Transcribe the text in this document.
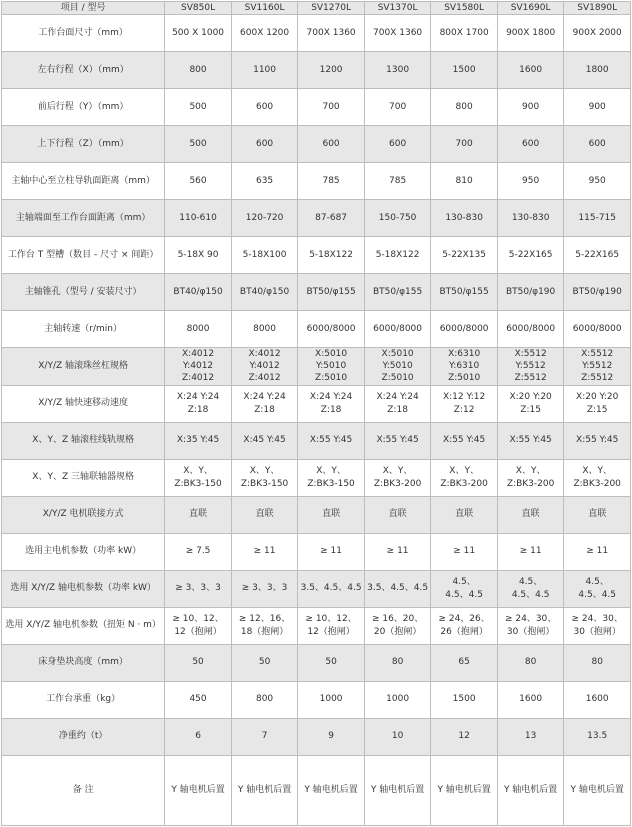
项目 / 型号	SV850L	SV1160L	SV1270L	SV1370L	SV1580L	SV1690L	SV1890L
工作台面尺寸（mm）	500 X 1000	600X 1200	700X 1360	700X 1360	800X 1700	900X 1800	900X 2000
左右行程（X）（mm）	800	1100	1200	1300	1500	1600	1800
前后行程（Y）（mm）	500	600	700	700	800	900	900
上下行程（Z）（mm）	500	600	600	600	700	600	600
主轴中心至立柱导轨面距离（mm）	560	635	785	785	810	950	950
主轴端面至工作台面距离（mm）	110-610	120-720	87-687	150-750	130-830	130-830	115-715
工作台 T 型槽（数目 - 尺寸 × 间距）	5-18X 90	5-18X100	5-18X122	5-18X122	5-22X135	5-22X165	5-22X165
主轴锥孔（型号 / 安装尺寸）	BT40/φ150	BT40/φ150	BT50/φ155	BT50/φ155	BT50/φ155	BT50/φ190	BT50/φ190
主轴转速（r/min）	8000	8000	6000/8000	6000/8000	6000/8000	6000/8000	6000/8000
X/Y/Z 轴滚珠丝杠规格	X:4012
Y:4012
Z:4012	X:4012
Y:4012
Z:4012	X:5010
Y:5010
Z:5010	X:5010
Y:5010
Z:5010	X:6310
Y:6310
Z:5010	X:5512
Y:5512
Z:5512	X:5512
Y:5512
Z:5512
X/Y/Z 轴快速移动速度	X:24 Y:24
Z:18	X:24 Y:24
Z:18	X:24 Y:24
Z:18	X:24 Y:24
Z:18	X:12 Y:12
Z:12	X:20 Y:20
Z:15	X:20 Y:20
Z:15
X、Y、Z 轴滚柱线轨规格	X:35 Y:45	X:45 Y:45	X:55 Y:45	X:55 Y:45	X:55 Y:45	X:55 Y:45	X:55 Y:45
X、Y、Z 三轴联轴器规格	X、Y、
Z:BK3-150	X、Y、
Z:BK3-150	X、Y、
Z:BK3-150	X、Y、
Z:BK3-200	X、Y、
Z:BK3-200	X、Y、
Z:BK3-200	X、Y、
Z:BK3-200
X/Y/Z 电机联接方式	直联	直联	直联	直联	直联	直联	直联
选用主电机参数（功率 kW）	≥ 7.5	≥ 11	≥ 11	≥ 11	≥ 11	≥ 11	≥ 11
选用 X/Y/Z 轴电机参数（功率 kW）	≥ 3、3、3	≥ 3、3、3	3.5、4.5、4.5	3.5、4.5、4.5	4.5、
4.5、4.5	4.5、
4.5、4.5	4.5、
4.5、4.5
选用 X/Y/Z 轴电机参数（扭矩 N · m）	≥ 10、12、
12（抱闸）	≥ 12、16、
18（抱闸）	≥ 10、12、
12（抱闸）	≥ 16、20、
20（抱闸）	≥ 24、26、
26（抱闸）	≥ 24、30、
30（抱闸）	≥ 24、30、
30（抱闸）
床身垫块高度（mm）	50	50	50	80	65	80	80
工作台承重（kg）	450	800	1000	1000	1500	1600	1600
净重约（t）	6	7	9	10	12	13	13.5
备 注	Y 轴电机后置	Y 轴电机后置	Y 轴电机后置	Y 轴电机后置	Y 轴电机后置	Y 轴电机后置	Y 轴电机后置
